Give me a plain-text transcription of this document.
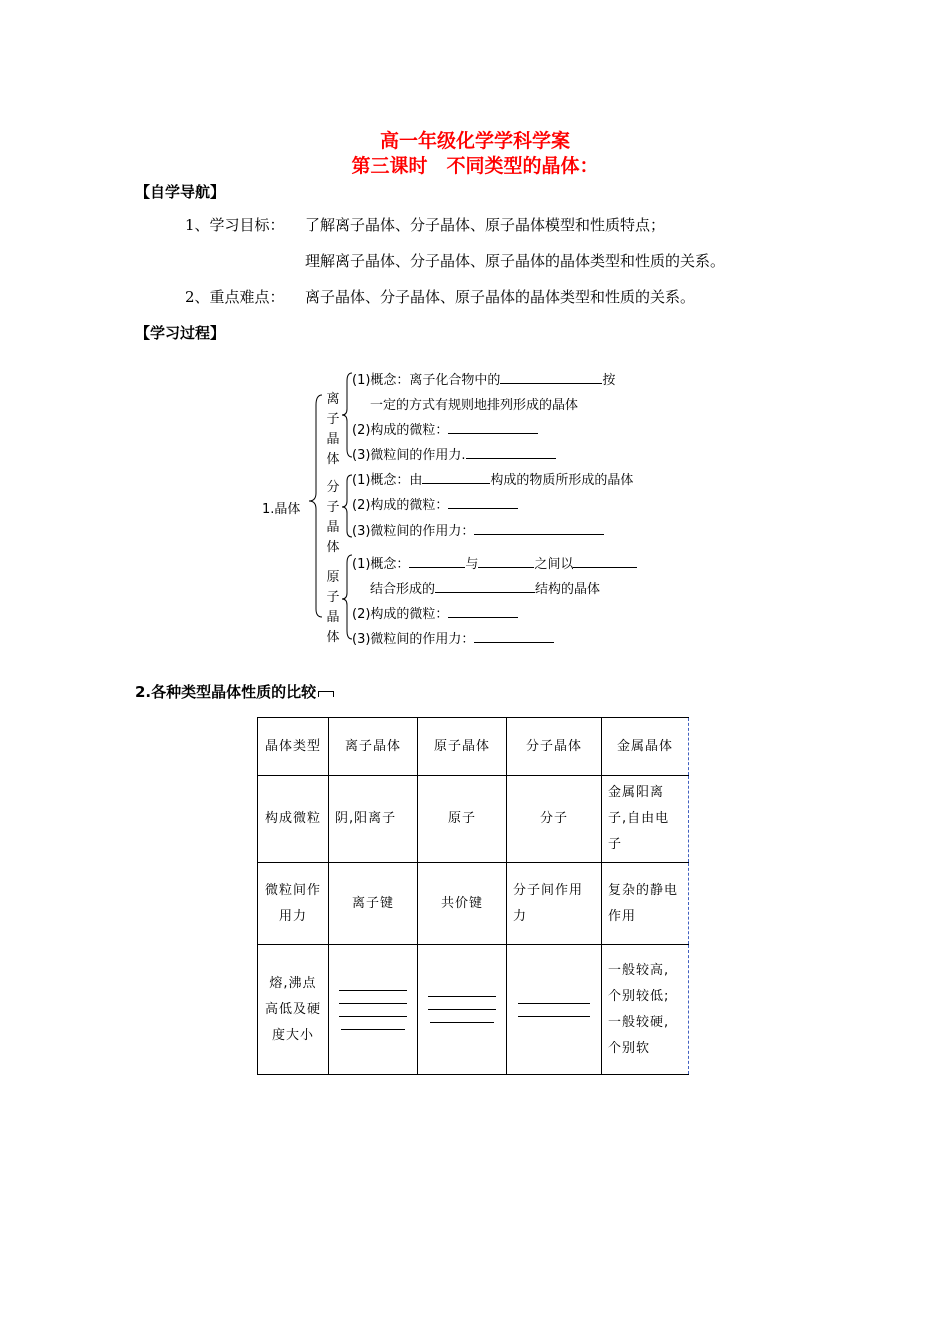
高一年级化学学科学案
第三课时　不同类型的晶体：
【自学导航】
1、学习目标： 了解离子晶体、分子晶体、原子晶体模型和性质特点；
理解离子晶体、分子晶体、原子晶体的晶体类型和性质的关系。
2、重点难点： 离子晶体、分子晶体、原子晶体的晶体类型和性质的关系。
【学习过程】
1.晶体
离
子
晶
体
(1)概念：离子化合物中的	按
一定的方式有规则地排列形成的晶体
(2)构成的微粒：
(3)微粒间的作用力.
分
子
晶
体
(1)概念：由	构成的物质所形成的晶体
(2)构成的微粒：
(3)微粒间的作用力：
原
子
晶
体
(1)概念：	与	之间以
结合形成的	结构的晶体
(2)构成的微粒：
(3)微粒间的作用力：
2.各种类型晶体性质的比较
晶体类型	离子晶体	原子晶体	分子晶体	金属晶体
构成微粒	阴,阳离子	原子	分子	金属阳离子,自由电子
微粒间作用力	离子键	共价键	分子间作用力	复杂的静电作用
熔,沸点高低及硬度大小				一般较高,个别较低;一般较硬,个别软
